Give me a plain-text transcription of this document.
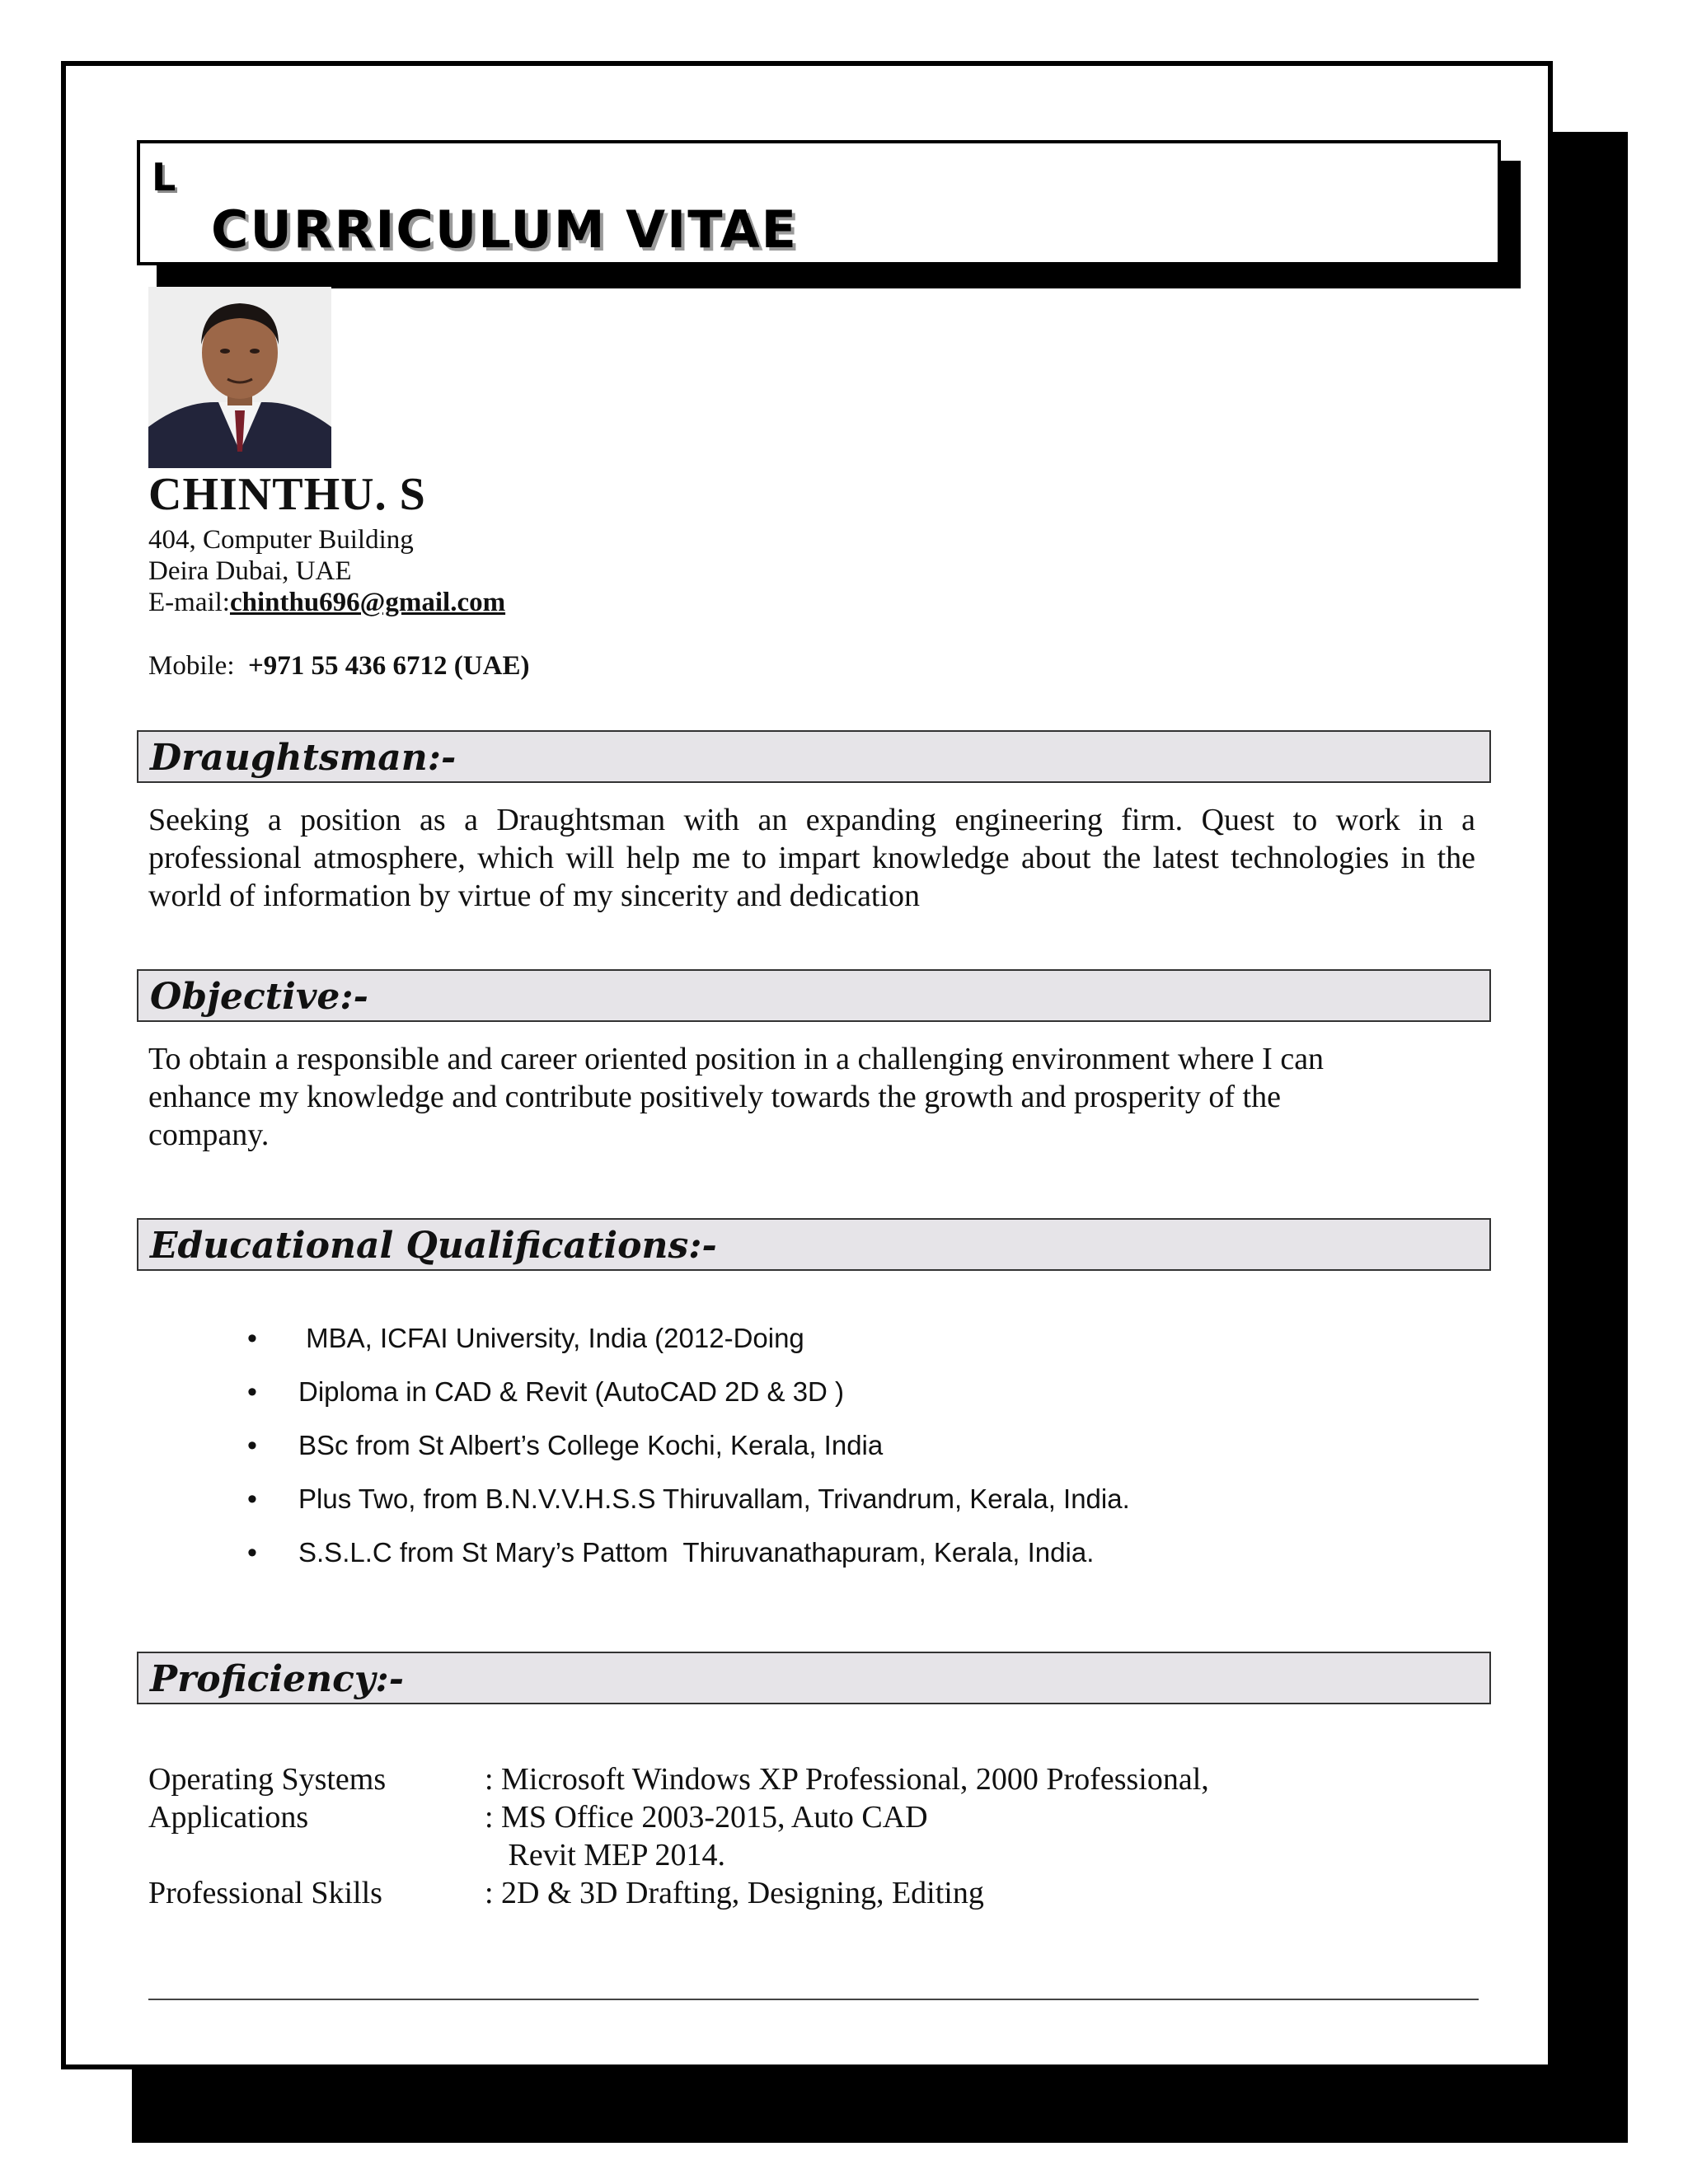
L
CURRICULUM VITAE
CHINTHU. S
404, Computer Building
Deira Dubai, UAE
E-mail:chinthu696@gmail.com
Mobile:  +971 55 436 6712 (UAE)
Draughtsman:-
Seeking a position as a Draughtsman with an expanding engineering firm. Quest to work in a professional atmosphere, which will help me to impart knowledge about the latest technologies in the world of information by virtue of my sincerity and dedication
Objective:-
To obtain a responsible and career oriented position in a challenging environment where I can
enhance my knowledge and contribute positively towards the growth and prosperity of the
company.
Educational Qualifications:-
•  MBA, ICFAI University, India (2012-Doing
• Diploma in CAD & Revit (AutoCAD 2D & 3D )
• BSc from St Albert’s College Kochi, Kerala, India
• Plus Two, from B.N.V.V.H.S.S Thiruvallam, Trivandrum, Kerala, India.
• S.S.L.C from St Mary’s Pattom  Thiruvanathapuram, Kerala, India.
Proficiency:-
Operating Systems	: Microsoft Windows XP Professional, 2000 Professional,
Applications	: MS Office 2003-2015, Auto CAD
Revit MEP 2014.
Professional Skills	: 2D & 3D Drafting, Designing, Editing
